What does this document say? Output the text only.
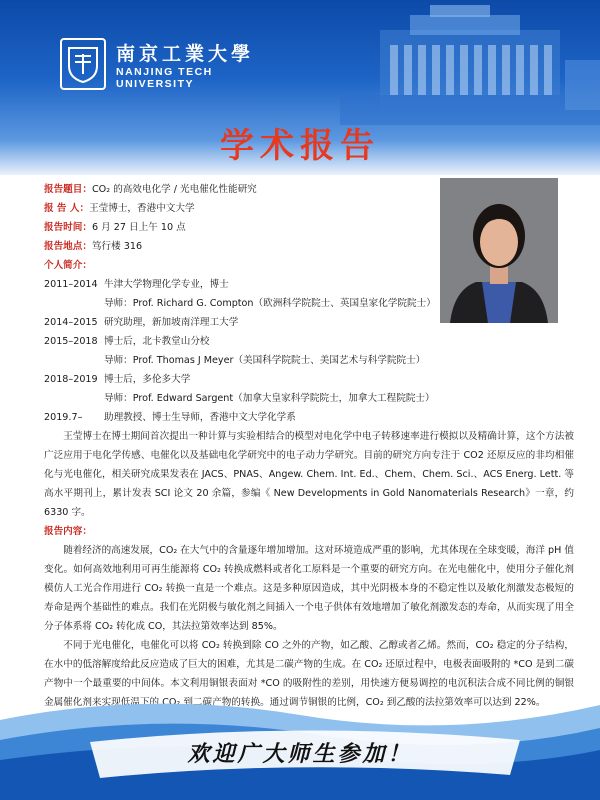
南京工業大學
NANJING TECH
UNIVERSITY
学术报告
报告题目：CO₂ 的高效电化学 / 光电催化性能研究
报 告 人：王莹博士，香港中文大学
报告时间：6 月 27 日上午 10 点
报告地点：笃行楼 316
个人简介：
2011–2014 牛津大学物理化学专业，博士
导师：Prof. Richard G. Compton（欧洲科学院院士、英国皇家化学院院士）
2014–2015 研究助理，新加坡南洋理工大学
2015–2018 博士后，北卡教堂山分校
导师：Prof. Thomas J Meyer（美国科学院院士、美国艺术与科学院院士）
2018–2019 博士后，多伦多大学
导师：Prof. Edward Sargent（加拿大皇家科学院院士，加拿大工程院院士）
2019.7–	助理教授、博士生导师，香港中文大学化学系

王莹博士在博士期间首次提出一种计算与实验相结合的模型对电化学中电子转移速率进行模拟以及精确计算，这个方法被广泛应用于电化学传感、电催化以及基础电化学研究中的电子动力学研究。目前的研究方向专注于 CO2 还原反应的非均相催化与光电催化，相关研究成果发表在 JACS、PNAS、Angew. Chem. Int. Ed.、Chem、Chem. Sci.、ACS Energ. Lett. 等高水平期刊上，累计发表 SCI 论文 20 余篇，参编《 New Developments in Gold Nanomaterials Research》一章，约 6330 字。

报告内容：

随着经济的高速发展，CO₂ 在大气中的含量逐年增加增加。这对环境造成严重的影响，尤其体现在全球变暖，海洋 pH 值变化。如何高效地利用可再生能源将 CO₂ 转换成燃料或者化工原料是一个重要的研究方向。在光电催化中，使用分子催化剂模仿人工光合作用进行 CO₂ 转换一直是一个难点。这是多种原因造成，其中光阴极本身的不稳定性以及敏化剂激发态极短的寿命是两个基础性的难点。我们在光阴极与敏化剂之间插入一个电子供体有效地增加了敏化剂激发态的寿命，从而实现了用全分子体系将 CO₂ 转化成 CO，其法拉第效率达到 85%。

不同于光电催化，电催化可以将 CO₂ 转换到除 CO 之外的产物，如乙酸、乙醇或者乙烯。然而，CO₂ 稳定的分子结构，在水中的低溶解度给此反应造成了巨大的困难，尤其是二碳产物的生成。在 CO₂ 还原过程中，电极表面吸附的 *CO 是到二碳产物中一个最重要的中间体。本文利用铜银表面对 *CO 的吸附性的差别，用快速方便易调控的电沉积法合成不同比例的铜银金属催化剂来实现低温下的 CO₂ 到二碳产物的转换。通过调节铜银的比例，CO₂ 到乙酸的法拉第效率可以达到 22%。

欢迎广大师生参加！
